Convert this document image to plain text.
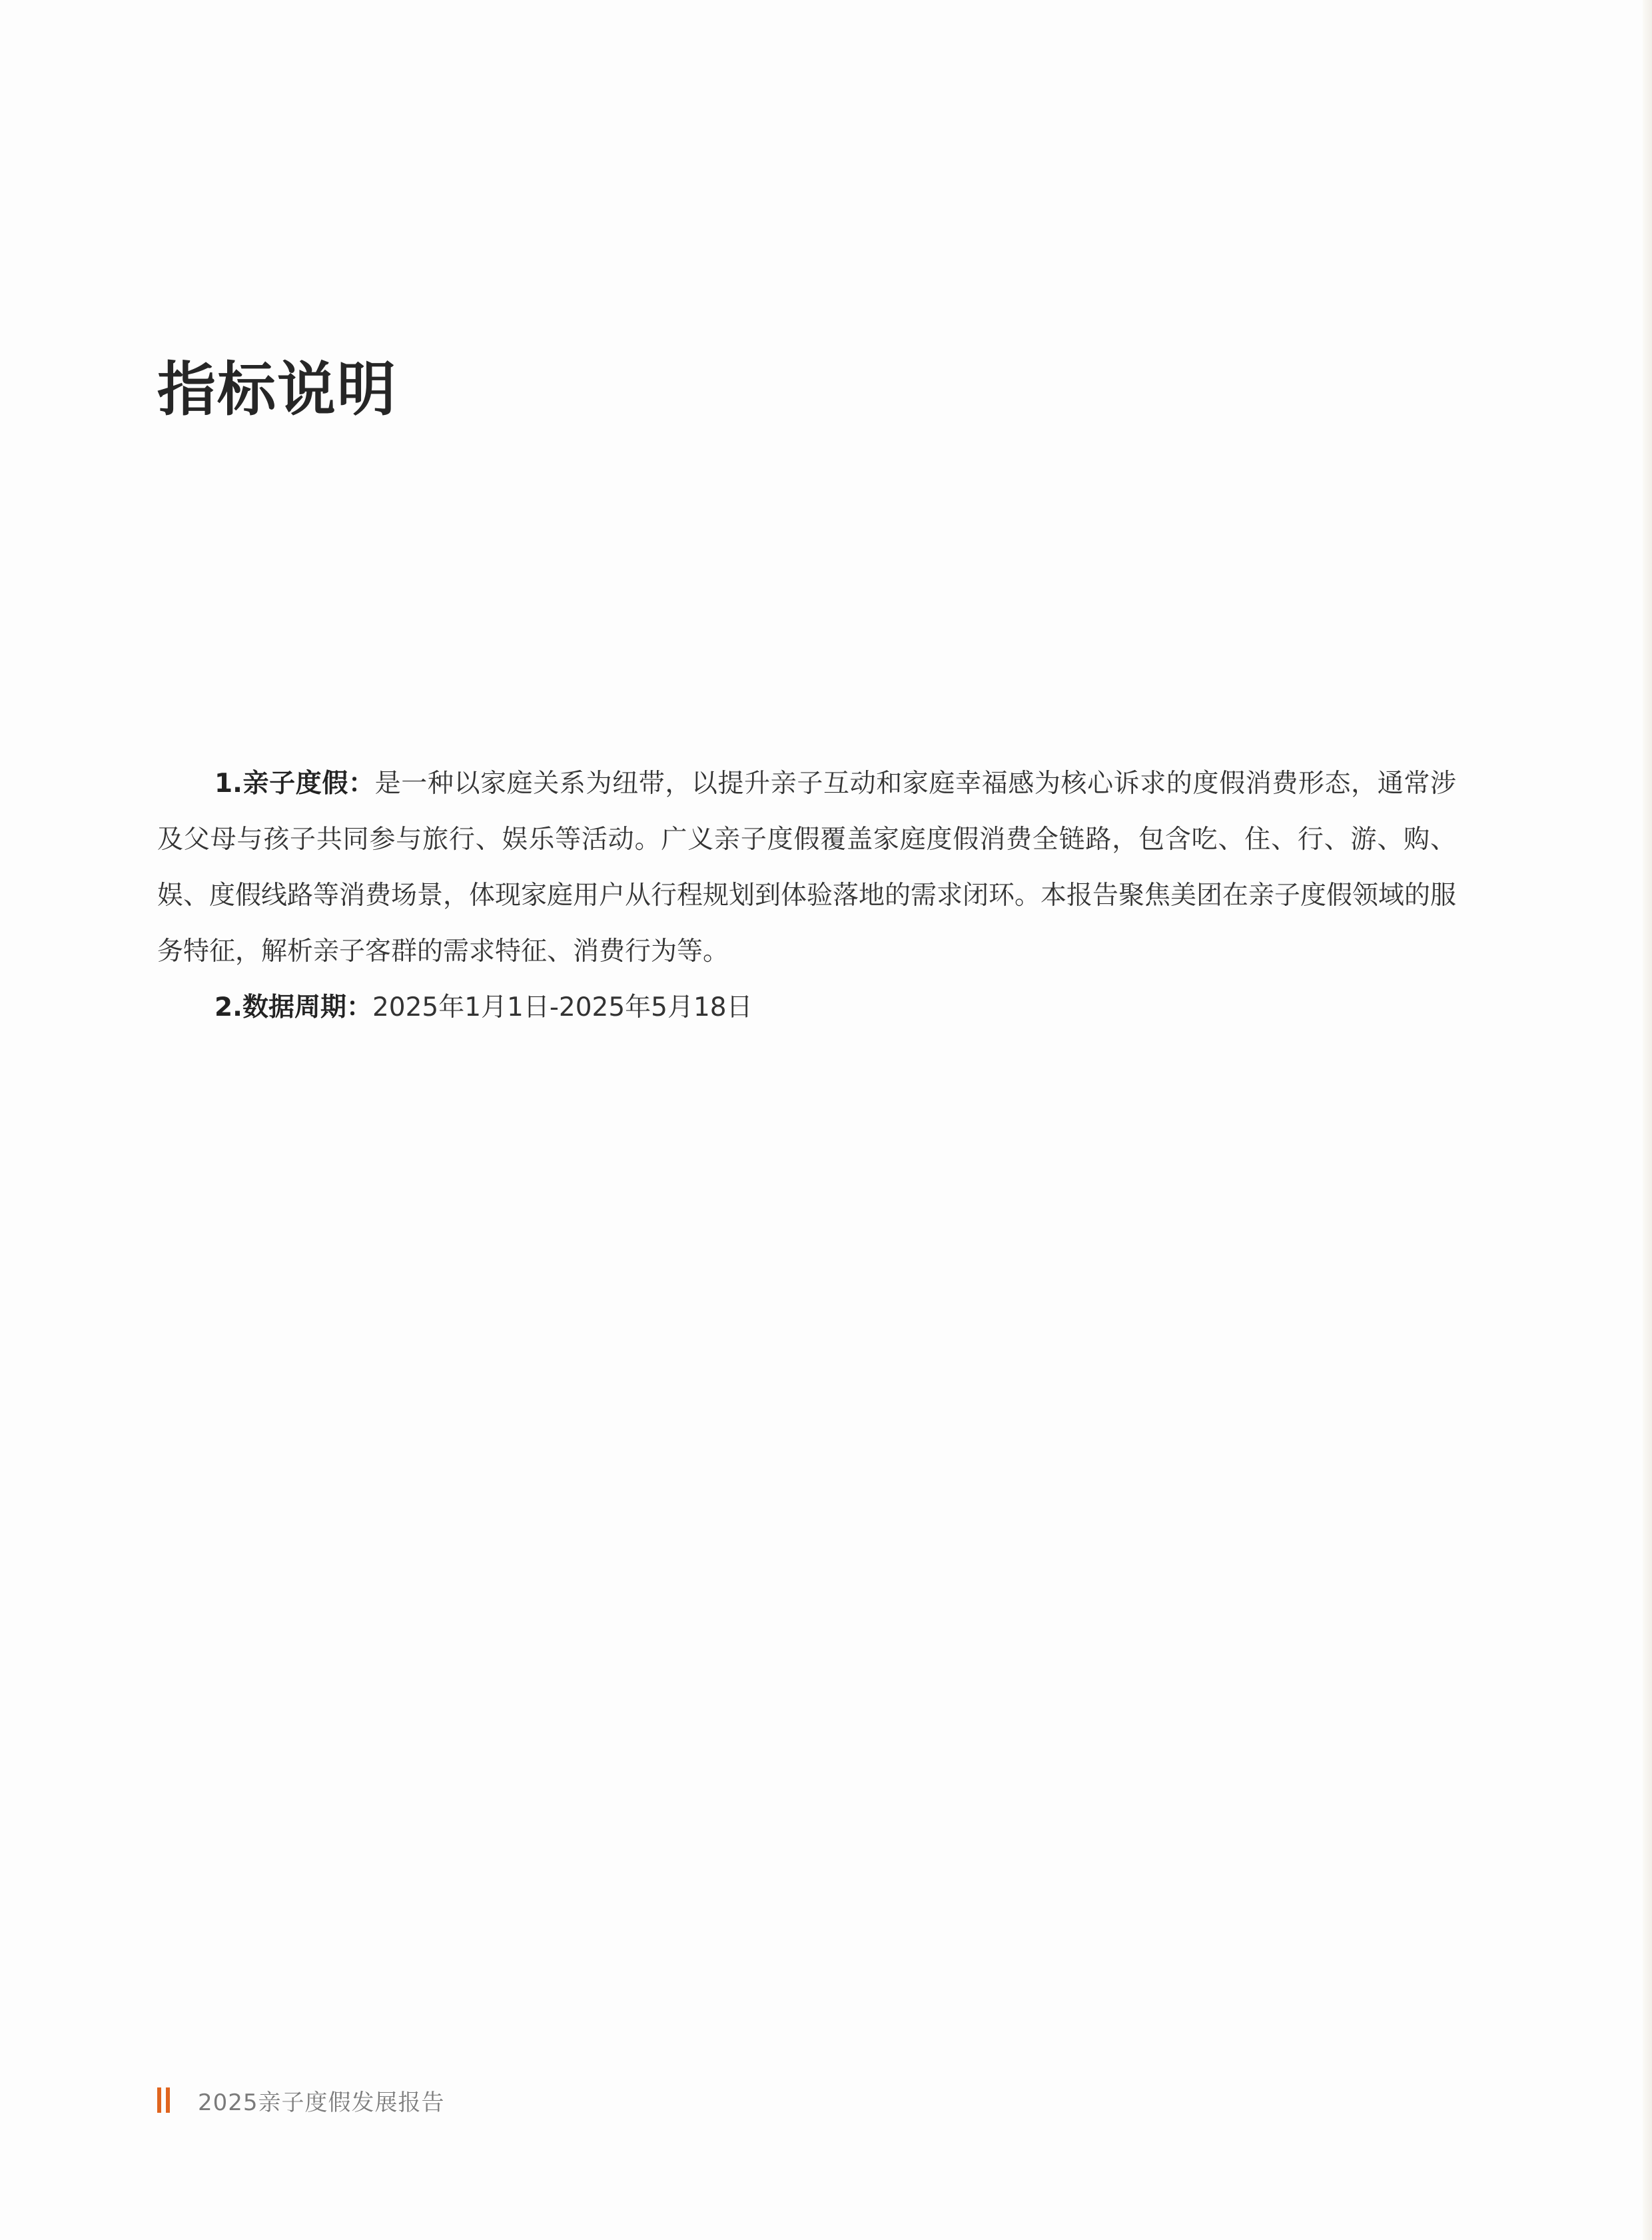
指标说明

1.亲子度假：是一种以家庭关系为纽带，以提升亲子互动和家庭幸福感为核心诉求的度假消费形态，通常涉及父母与孩子共同参与旅行、娱乐等活动。广义亲子度假覆盖家庭度假消费全链路，包含吃、住、行、游、购、娱、度假线路等消费场景，体现家庭用户从行程规划到体验落地的需求闭环。本报告聚焦美团在亲子度假领域的服务特征，解析亲子客群的需求特征、消费行为等。

2.数据周期：2025年1月1日-2025年5月18日

2025亲子度假发展报告
